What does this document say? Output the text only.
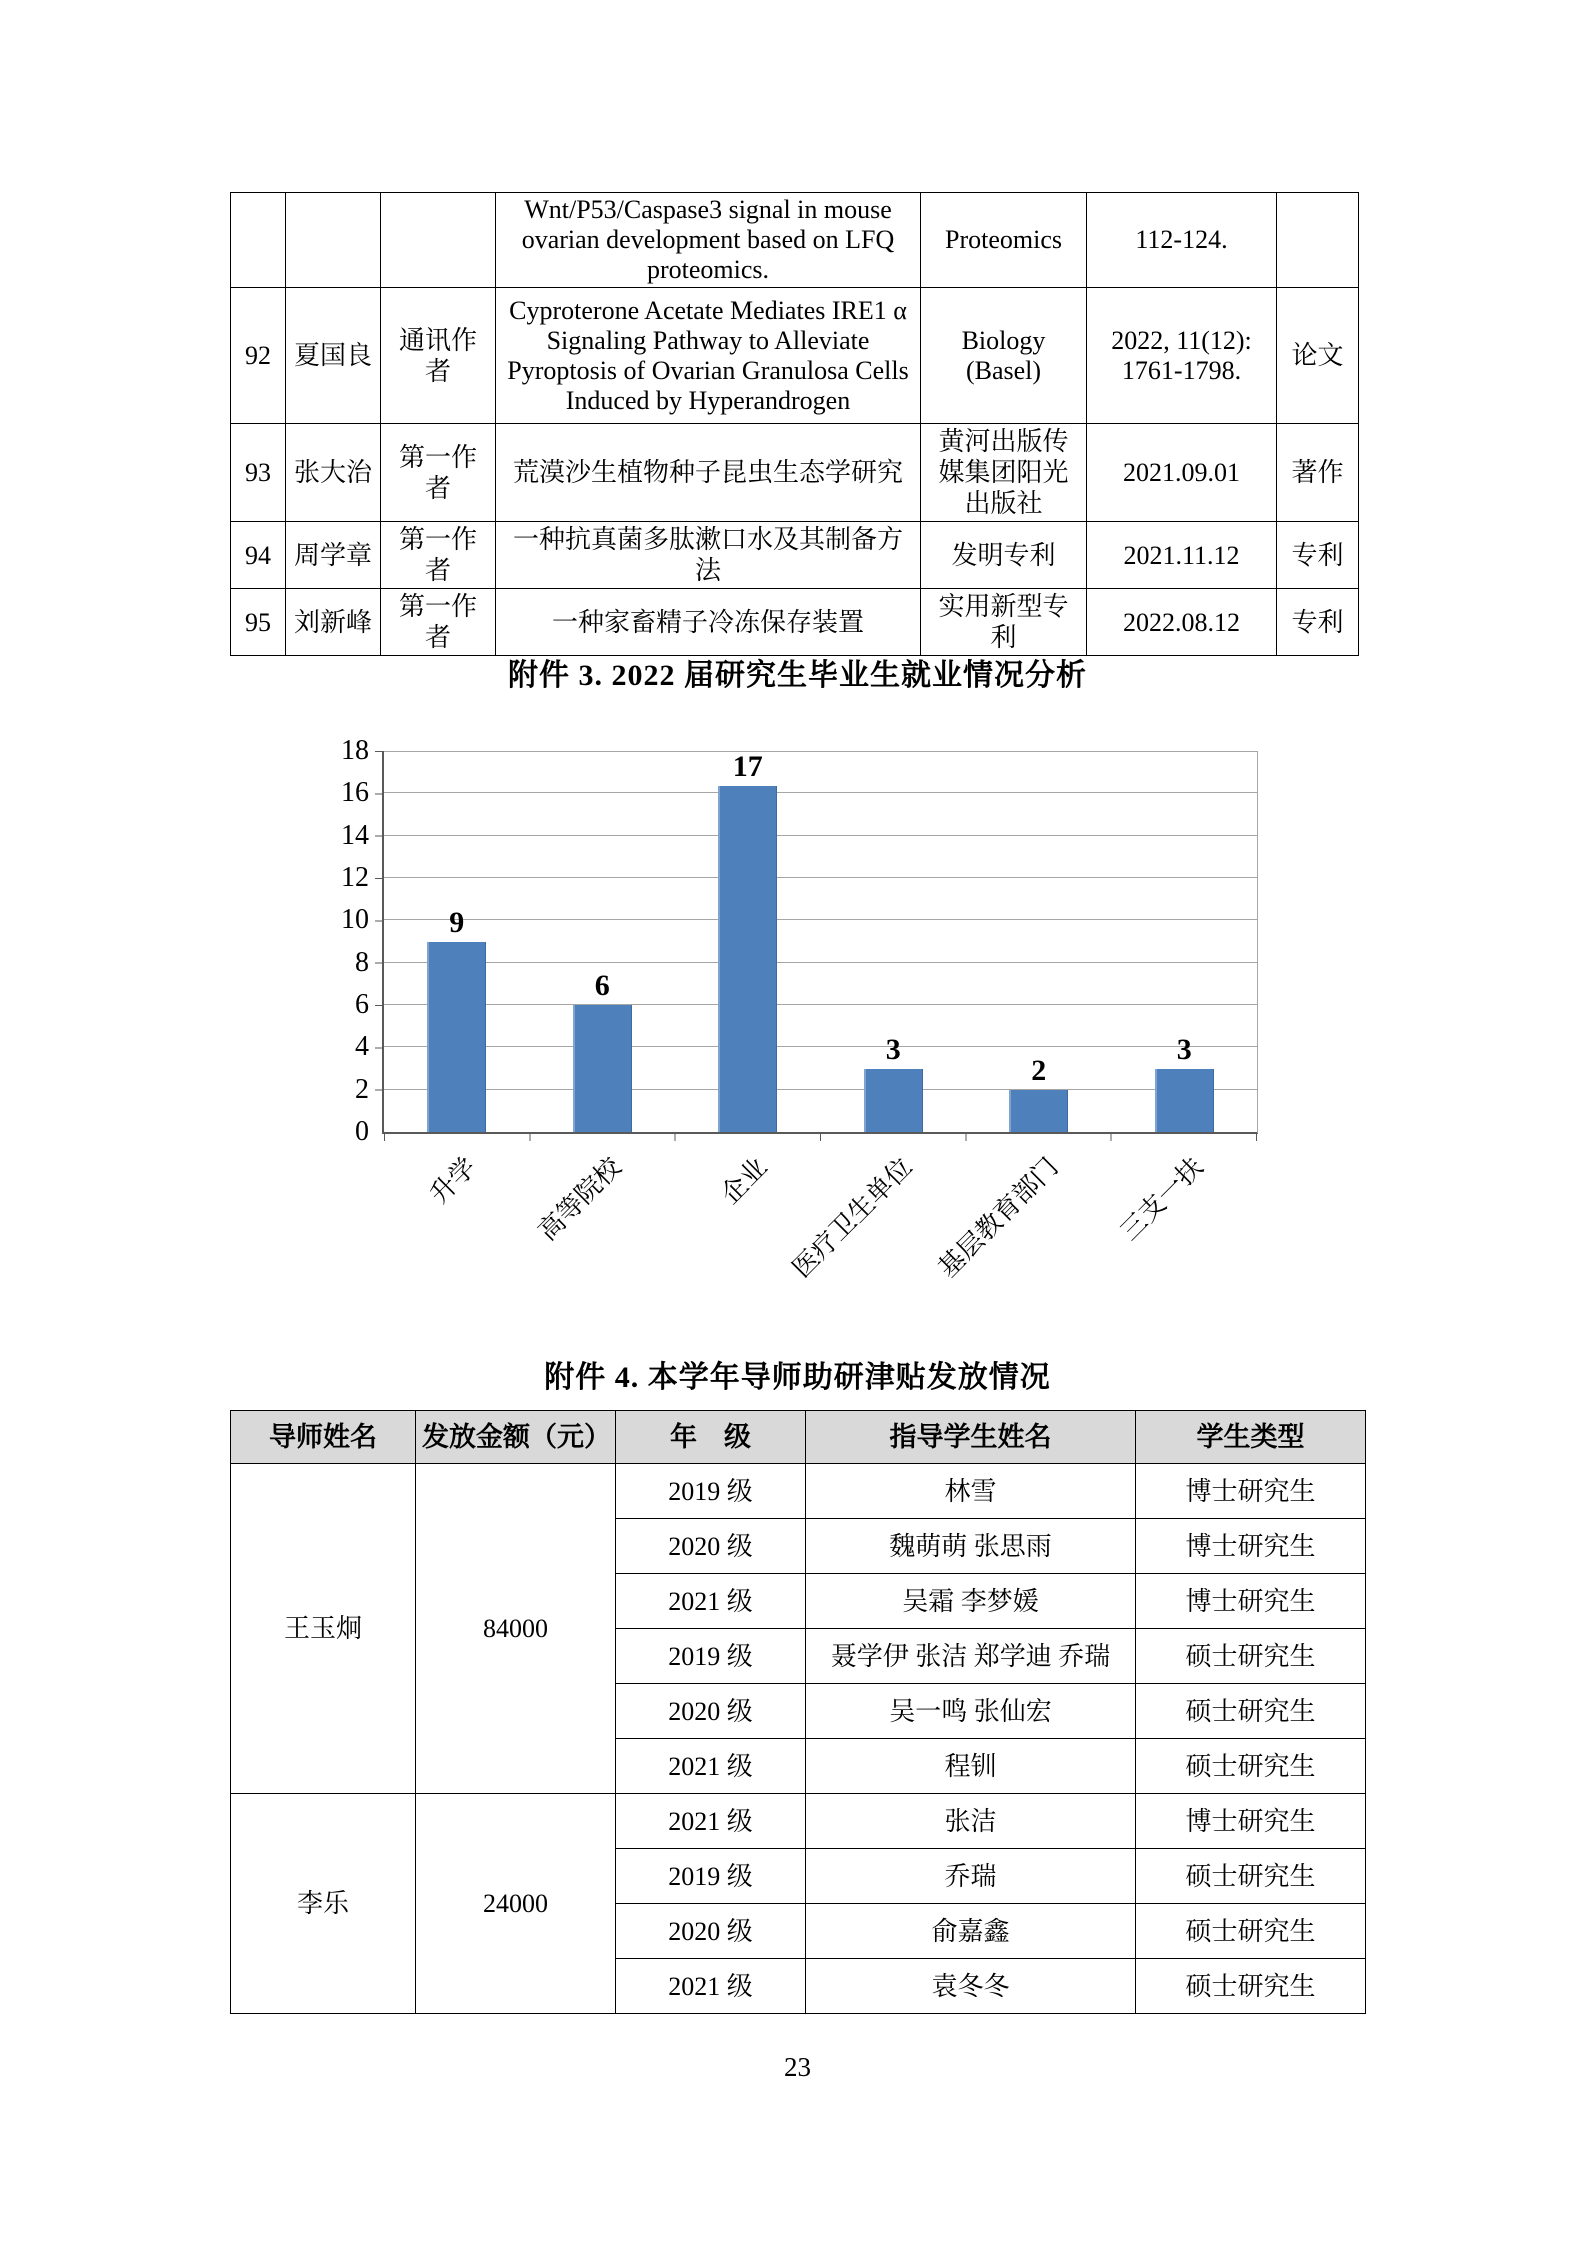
			Wnt/P53/Caspase3 signal in mouse ovarian development based on LFQ proteomics.	Proteomics	112-124.	
92	夏国良	通讯作者	Cyproterone Acetate Mediates IRE1 α Signaling Pathway to Alleviate Pyroptosis of Ovarian Granulosa Cells Induced by Hyperandrogen	Biology (Basel)	2022, 11(12): 1761-1798.	论文
93	张大治	第一作者	荒漠沙生植物种子昆虫生态学研究	黄河出版传媒集团阳光出版社	2021.09.01	著作
94	周学章	第一作者	一种抗真菌多肽漱口水及其制备方法	发明专利	2021.11.12	专利
95	刘新峰	第一作者	一种家畜精子冷冻保存装置	实用新型专利	2022.08.12	专利
附件 3. 2022 届研究生毕业生就业情况分析
0
2
4
6
8
10
12
14
16
18
9
6
17
3
2
3
升学	高等院校	企业 医疗卫生单位 基层教育部门	三支一扶
附件 4. 本学年导师助研津贴发放情况
导师姓名	发放金额（元）	年　级	指导学生姓名	学生类型
王玉炯	84000	2019 级	林雪	博士研究生
		2020 级	魏萌萌 张思雨	博士研究生
		2021 级	吴霜 李梦媛	博士研究生
		2019 级	聂学伊 张洁 郑学迪 乔瑞	硕士研究生
		2020 级	吴一鸣 张仙宏	硕士研究生
		2021 级	程钏	硕士研究生
李乐	24000	2021 级	张洁	博士研究生
		2019 级	乔瑞	硕士研究生
		2020 级	俞嘉鑫	硕士研究生
		2021 级	袁冬冬	硕士研究生
23
